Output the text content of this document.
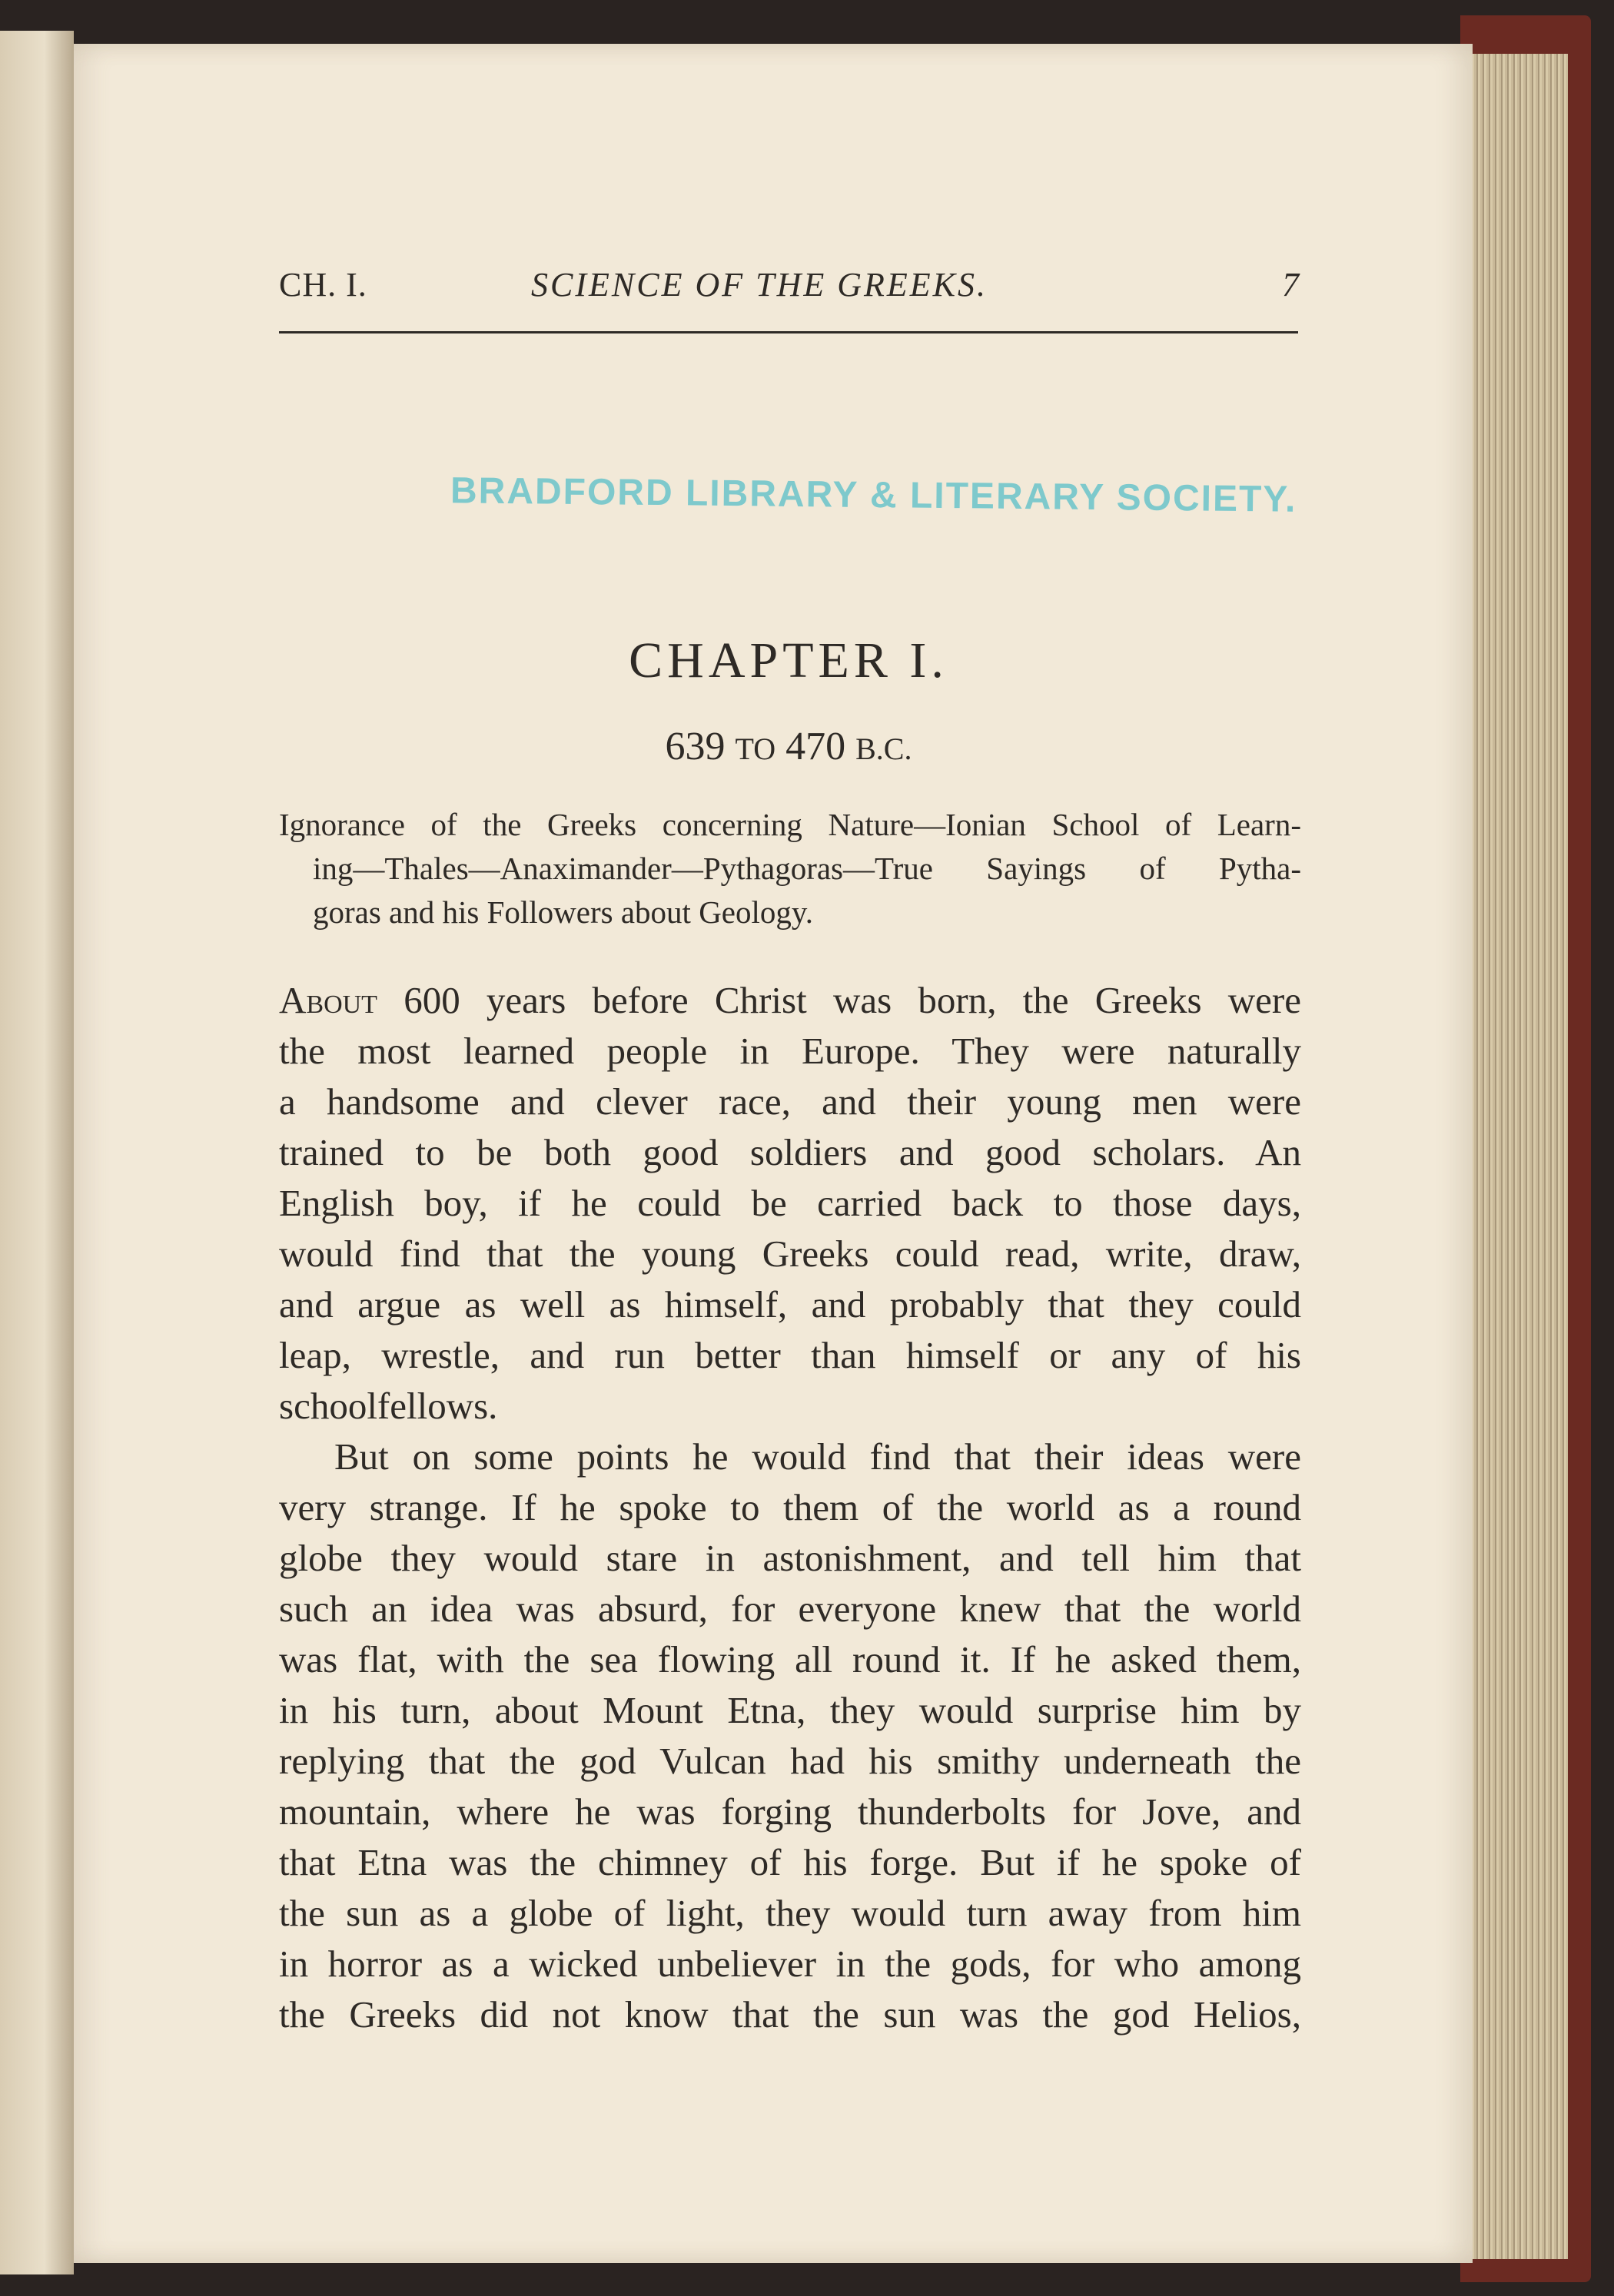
CH. I.	SCIENCE OF THE GREEKS.	7
BRADFORD LIBRARY & LITERARY SOCIETY.
CHAPTER I.
639 TO 470 B.C.
Ignorance of the Greeks concerning Nature—Ionian School of Learn-
ing—Thales—Anaximander—Pythagoras—True Sayings of Pytha-
goras and his Followers about Geology.
About 600 years before Christ was born, the Greeks were
the most learned people in Europe. They were naturally
a handsome and clever race, and their young men were
trained to be both good soldiers and good scholars. An
English boy, if he could be carried back to those days,
would find that the young Greeks could read, write, draw,
and argue as well as himself, and probably that they could
leap, wrestle, and run better than himself or any of his
schoolfellows.
But on some points he would find that their ideas were
very strange. If he spoke to them of the world as a round
globe they would stare in astonishment, and tell him that
such an idea was absurd, for everyone knew that the world
was flat, with the sea flowing all round it. If he asked them,
in his turn, about Mount Etna, they would surprise him by
replying that the god Vulcan had his smithy underneath the
mountain, where he was forging thunderbolts for Jove, and
that Etna was the chimney of his forge. But if he spoke of
the sun as a globe of light, they would turn away from him
in horror as a wicked unbeliever in the gods, for who among
the Greeks did not know that the sun was the god Helios,
